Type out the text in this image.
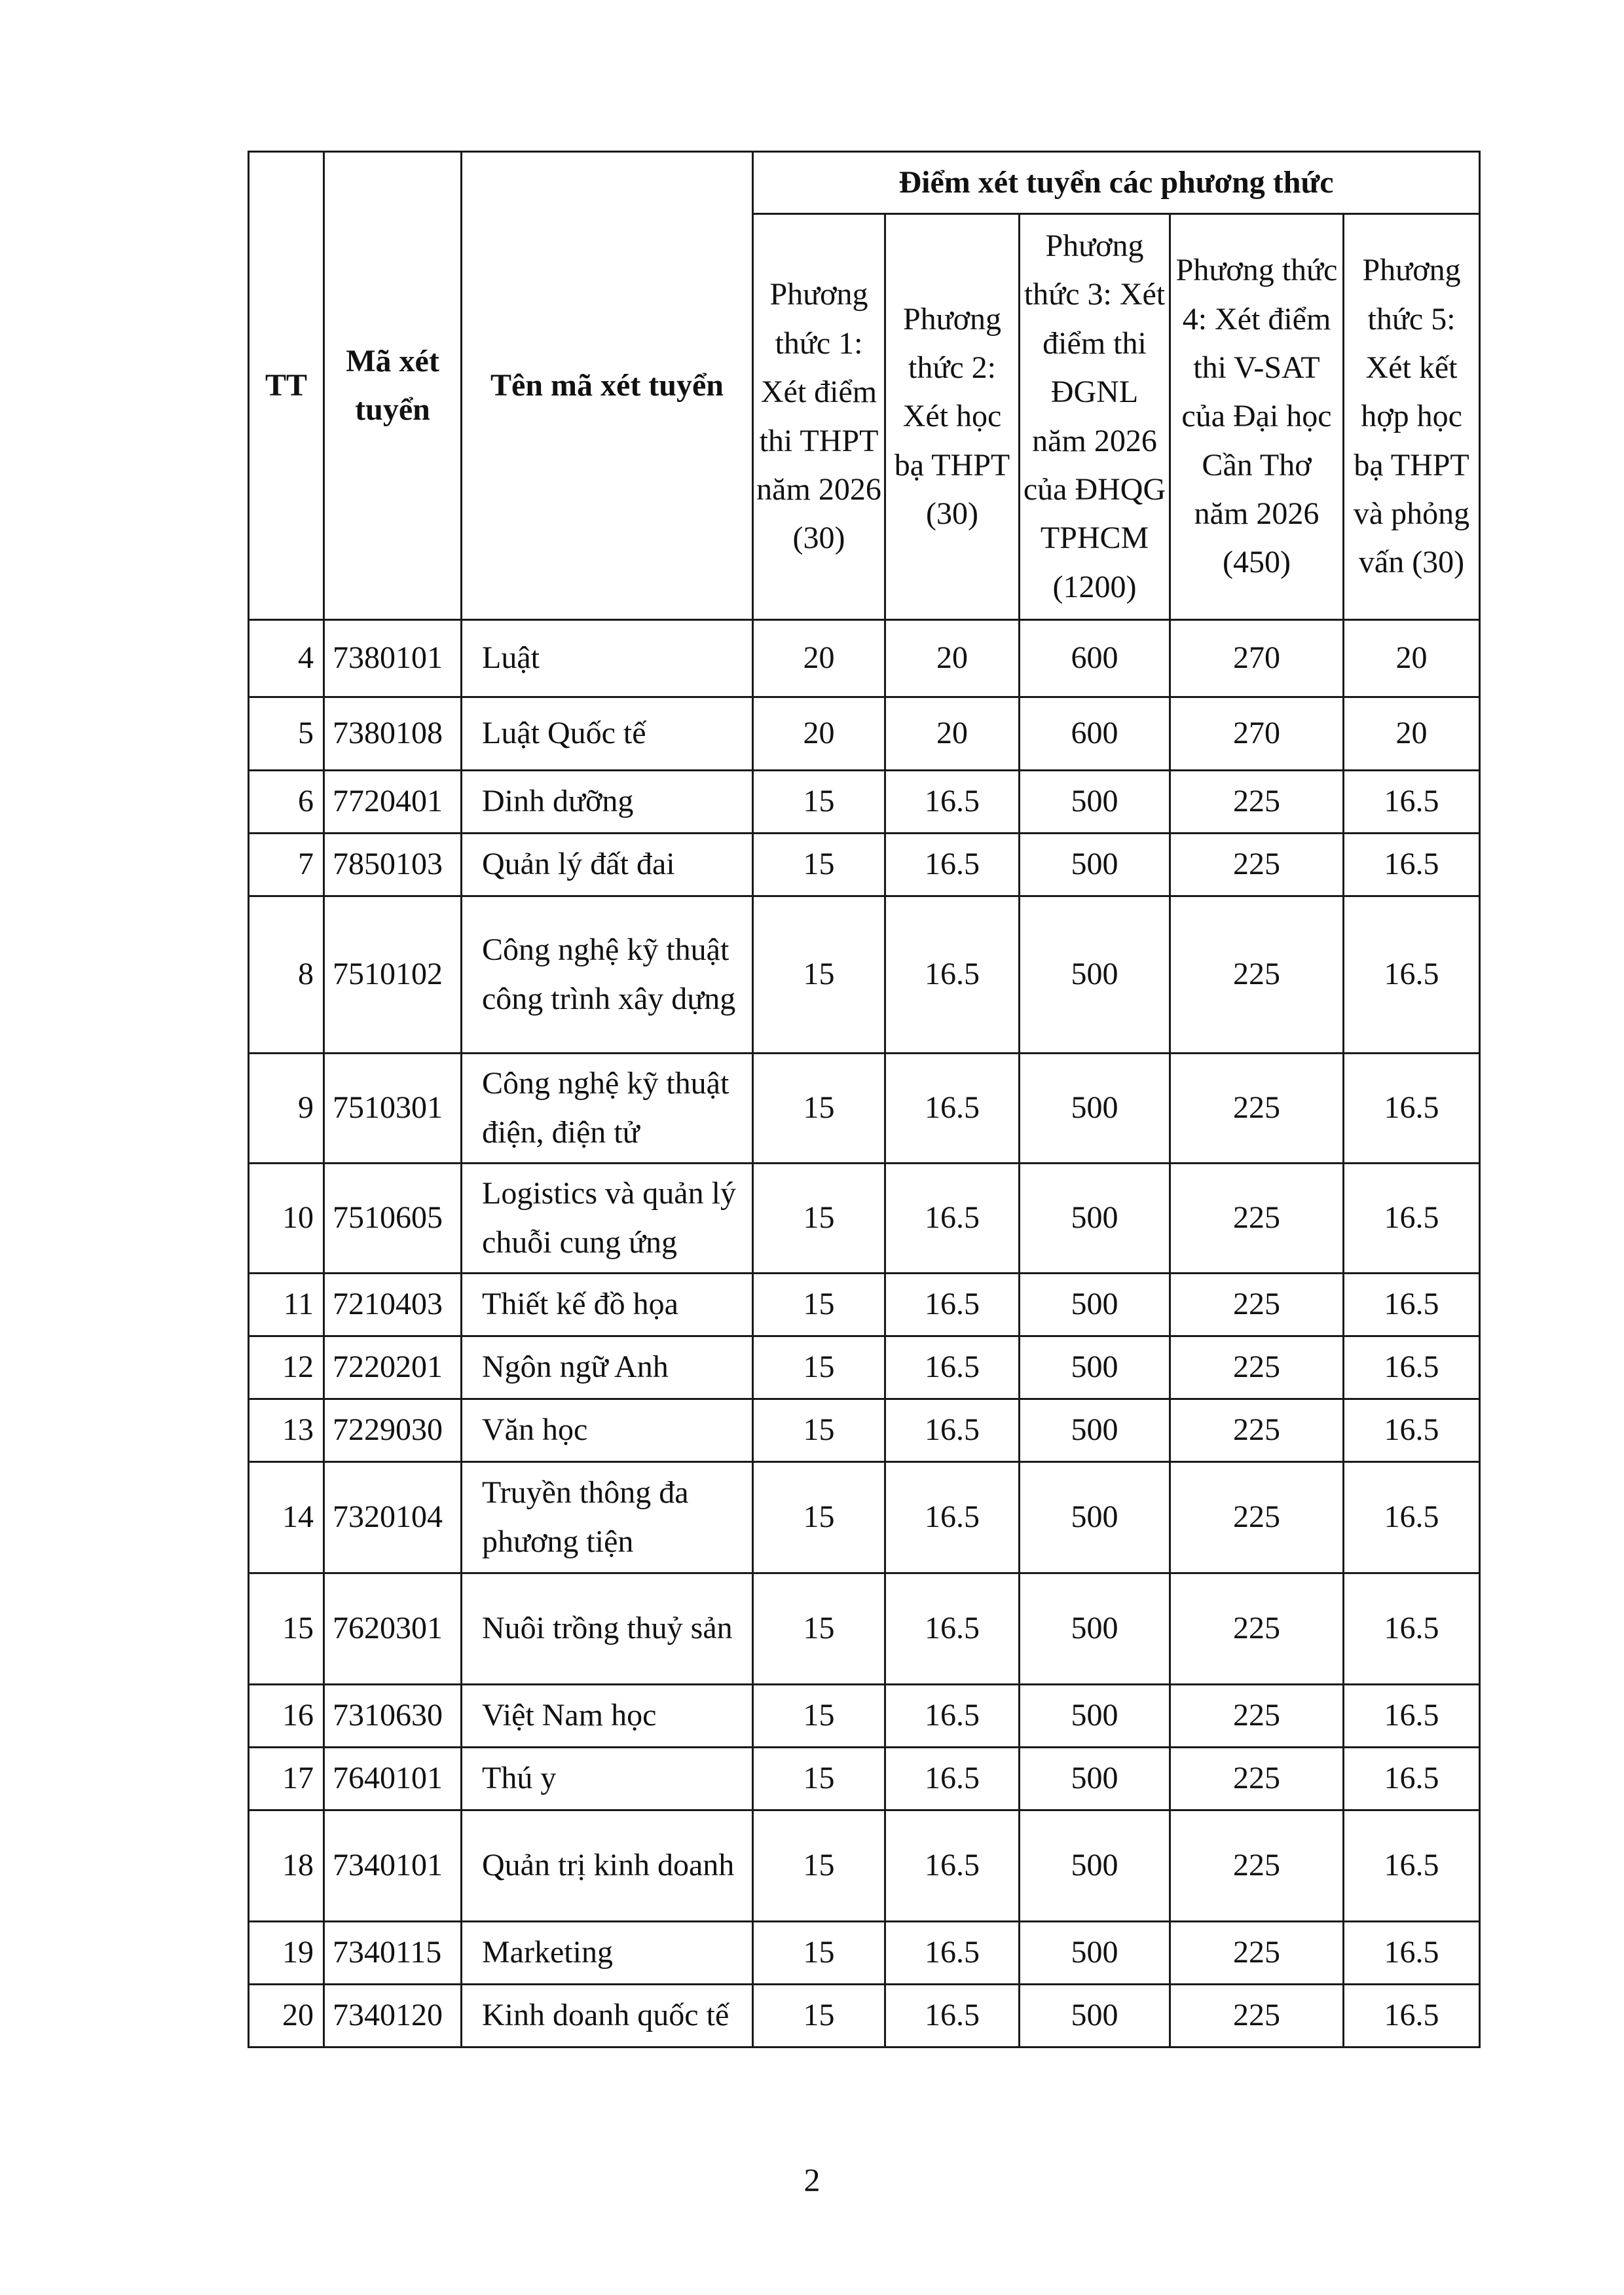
TT	Mã xét tuyển	Tên mã xét tuyển	Điểm xét tuyển các phương thức				
			Phương thức 1: Xét điểm thi THPT năm 2026 (30)	Phương thức 2: Xét học bạ THPT (30)	Phương thức 3: Xét điểm thi ĐGNL năm 2026 của ĐHQG TPHCM (1200)	Phương thức 4: Xét điểm thi V-SAT của Đại học Cần Thơ năm 2026 (450)	Phương thức 5: Xét kết hợp học bạ THPT và phỏng vấn (30)
4	7380101	Luật	20	20	600	270	20
5	7380108	Luật Quốc tế	20	20	600	270	20
6	7720401	Dinh dưỡng	15	16.5	500	225	16.5
7	7850103	Quản lý đất đai	15	16.5	500	225	16.5
8	7510102	Công nghệ kỹ thuật công trình xây dựng	15	16.5	500	225	16.5
9	7510301	Công nghệ kỹ thuật điện, điện tử	15	16.5	500	225	16.5
10	7510605	Logistics và quản lý chuỗi cung ứng	15	16.5	500	225	16.5
11	7210403	Thiết kế đồ họa	15	16.5	500	225	16.5
12	7220201	Ngôn ngữ Anh	15	16.5	500	225	16.5
13	7229030	Văn học	15	16.5	500	225	16.5
14	7320104	Truyền thông đa phương tiện	15	16.5	500	225	16.5
15	7620301	Nuôi trồng thuỷ sản	15	16.5	500	225	16.5
16	7310630	Việt Nam học	15	16.5	500	225	16.5
17	7640101	Thú y	15	16.5	500	225	16.5
18	7340101	Quản trị kinh doanh	15	16.5	500	225	16.5
19	7340115	Marketing	15	16.5	500	225	16.5
20	7340120	Kinh doanh quốc tế	15	16.5	500	225	16.5
2
